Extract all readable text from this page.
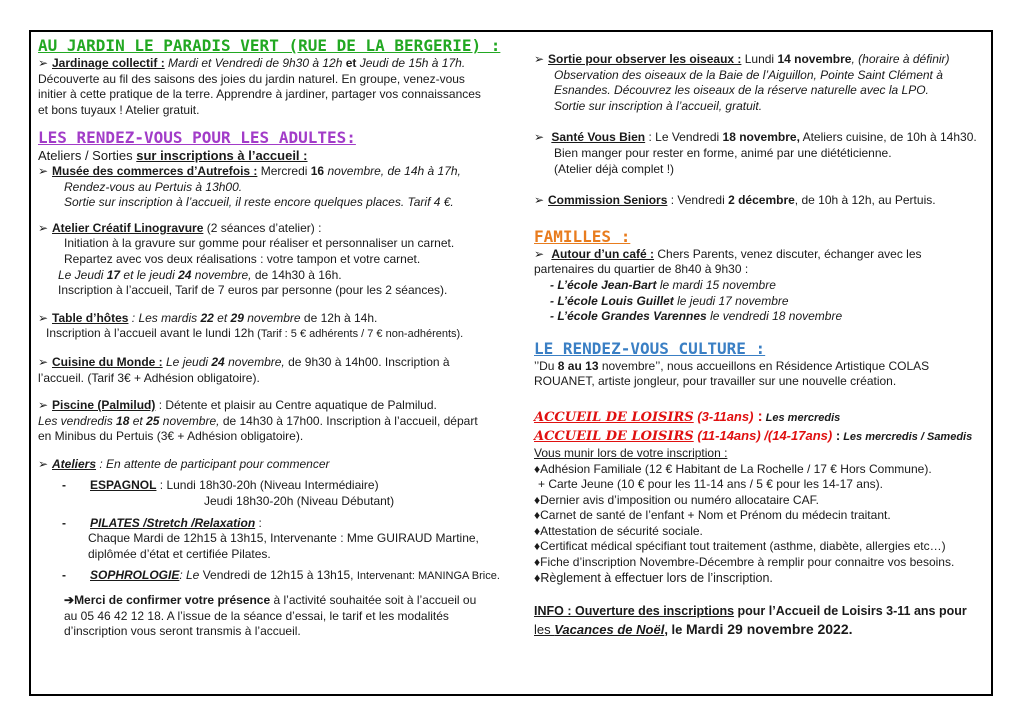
AU JARDIN LE PARADIS VERT (RUE DE LA BERGERIE) :
➢ Jardinage collectif : Mardi et Vendredi de 9h30 à 12h et Jeudi de 15h à 17h.
Découverte au fil des saisons des joies du jardin naturel. En groupe, venez-vous
initier à cette pratique de la terre. Apprendre à jardiner, partager vos connaissances
et bons tuyaux ! Atelier gratuit.
LES RENDEZ-VOUS POUR LES ADULTES:
Ateliers / Sorties sur inscriptions à l’accueil :
➢ Musée des commerces d’Autrefois : Mercredi 16 novembre, de 14h à 17h,
Rendez-vous au Pertuis à 13h00.
Sortie sur inscription à l’accueil, il reste encore quelques places. Tarif 4 €.
➢ Atelier Créatif Linogravure (2 séances d’atelier) :
Initiation à la gravure sur gomme pour réaliser et personnaliser un carnet.
Repartez avec vos deux réalisations : votre tampon et votre carnet.
Le Jeudi 17 et le jeudi 24 novembre, de 14h30 à 16h.
Inscription à l’accueil, Tarif de 7 euros par personne (pour les 2 séances).
➢ Table d’hôtes : Les mardis 22 et 29 novembre de 12h à 14h.
Inscription à l’accueil avant le lundi 12h (Tarif : 5 € adhérents / 7 € non-adhérents).
➢ Cuisine du Monde : Le jeudi 24 novembre, de 9h30 à 14h00. Inscription à
l’accueil. (Tarif 3€ + Adhésion obligatoire).
➢ Piscine (Palmilud) : Détente et plaisir au Centre aquatique de Palmilud.
Les vendredis 18 et 25 novembre, de 14h30 à 17h00. Inscription à l’accueil, départ
en Minibus du Pertuis (3€ + Adhésion obligatoire).
➢ Ateliers : En attente de participant pour commencer
- ESPAGNOL : Lundi 18h30-20h (Niveau Intermédiaire)
Jeudi 18h30-20h (Niveau Débutant)
- PILATES /Stretch /Relaxation :
Chaque Mardi de 12h15 à 13h15, Intervenante : Mme GUIRAUD Martine,
diplômée d’état et certifiée Pilates.
- SOPHROLOGIE: Le Vendredi de 12h15 à 13h15, Intervenant: MANINGA Brice.
➔Merci de confirmer votre présence à l’activité souhaitée soit à l’accueil ou
au 05 46 42 12 18. A l’issue de la séance d’essai, le tarif et les modalités
d’inscription vous seront transmis à l’accueil.
➢ Sortie pour observer les oiseaux : Lundi 14 novembre, (horaire à définir)
Observation des oiseaux de la Baie de l’Aiguillon, Pointe Saint Clément à
Esnandes. Découvrez les oiseaux de la réserve naturelle avec la LPO.
Sortie sur inscription à l’accueil, gratuit.
➢ Santé Vous Bien : Le Vendredi 18 novembre, Ateliers cuisine, de 10h à 14h30.
Bien manger pour rester en forme, animé par une diététicienne.
(Atelier déjà complet !)
➢ Commission Seniors : Vendredi 2 décembre, de 10h à 12h, au Pertuis.
FAMILLES :
➢ Autour d’un café : Chers Parents, venez discuter, échanger avec les
partenaires du quartier de 8h40 à 9h30 :
- L’école Jean-Bart le mardi 15 novembre
- L’école Louis Guillet le jeudi 17 novembre
- L’école Grandes Varennes le vendredi 18 novembre
LE RENDEZ-VOUS CULTURE :
’’Du 8 au 13 novembre’’, nous accueillons en Résidence Artistique COLAS
ROUANET, artiste jongleur, pour travailler sur une nouvelle création.
ACCUEIL DE LOISIRS (3-11ans) : Les mercredis
ACCUEIL DE LOISIRS (11-14ans) /(14-17ans) : Les mercredis / Samedis
Vous munir lors de votre inscription :
♦Adhésion Familiale (12 € Habitant de La Rochelle / 17 € Hors Commune).
+ Carte Jeune (10 € pour les 11-14 ans / 5 € pour les 14-17 ans).
♦Dernier avis d’imposition ou numéro allocataire CAF.
♦Carnet de santé de l’enfant + Nom et Prénom du médecin traitant.
♦Attestation de sécurité sociale.
♦Certificat médical spécifiant tout traitement (asthme, diabète, allergies etc…)
♦Fiche d’inscription Novembre-Décembre à remplir pour connaitre vos besoins.
♦Règlement à effectuer lors de l’inscription.
INFO : Ouverture des inscriptions pour l’Accueil de Loisirs 3-11 ans pour
les Vacances de Noël, le Mardi 29 novembre 2022.
